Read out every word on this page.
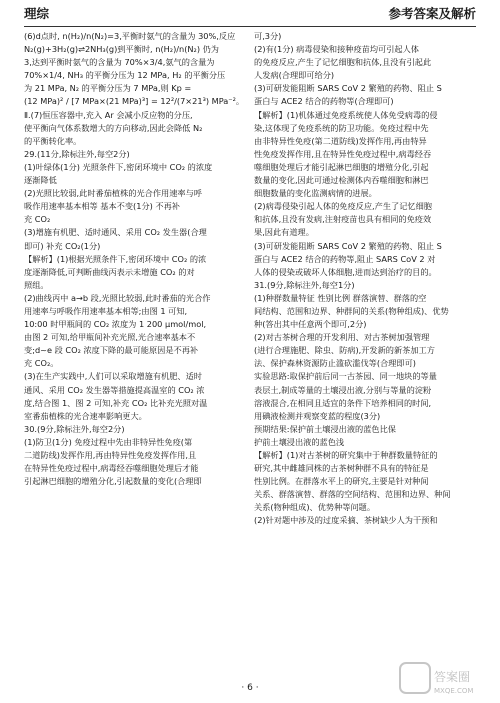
理综	参考答案及解析
(6)d点时, n(H₂)/n(N₂)=3,平衡时氨气的含量为 30%,反应
N₂(g)+3H₂(g)⇌2NH₃(g)到平衡时, n(H₂)/n(N₂) 仍为
3,达到平衡时氨气的含量为 70%×3/4,氨气的含量为
70%×1/4, NH₃ 的平衡分压为 12 MPa, H₂ 的平衡分压
为 21 MPa, N₂ 的平衡分压为 7 MPa,则 Kp =
(12 MPa)² / [7 MPa×(21 MPa)³] = 12²/(7×21³) MPa⁻²。
Ⅱ.(7)恒压容器中,充入 Ar 会减小反应物的分压,
使平衡向气体系数增大的方向移动,因此会降低 N₂
的平衡转化率。
29.(11分,除标注外,每空2分)
(1)叶绿体(1分) 光照条件下,密闭环境中 CO₂ 的浓度
逐渐降低
(2)光照比较弱,此时番茄植株的光合作用速率与呼
吸作用速率基本相等 基本不变(1分) 不再补
充 CO₂
(3)增施有机肥、适时通风、采用 CO₂ 发生器(合理
即可) 补充 CO₂(1分)
【解析】(1)根据光照条件下,密闭环境中 CO₂ 的浓
度逐渐降低,可判断曲线丙表示未增施 CO₂ 的对
照组。
(2)曲线丙中 a→b 段,光照比较弱,此时番茄的光合作
用速率与呼吸作用速率基本相等;由图 1 可知,
10:00 时甲瓶间的 CO₂ 浓度为 1 200 μmol/mol,
由图 2 可知,给甲瓶间补充光照,光合速率基本不
变;d~e 段 CO₂ 浓度下降的最可能原因是不再补
充 CO₂。
(3)在生产实践中,人们可以采取增施有机肥、适时
通风、采用 CO₂ 发生器等措施提高温室的 CO₂ 浓
度,结合图 1、图 2 可知,补充 CO₂ 比补充光照对温
室番茄植株的光合速率影响更大。
30.(9分,除标注外,每空2分)
(1)防卫(1分) 免疫过程中先由非特异性免疫(第
二道防线)发挥作用,再由特异性免疫发挥作用,且
在特异性免疫过程中,病毒经吞噬细胞处理后才能
引起淋巴细胞的增殖分化,引起数量的变化(合理即
可,3分)
(2)有(1分) 病毒侵染和接种疫苗均可引起人体
的免疫反应,产生了记忆细胞和抗体,且没有引起此
人发病(合理即可给分)
(3)可研发能阻断 SARS CoV 2 繁殖的药物、阻止 S
蛋白与 ACE2 结合的药物等(合理即可)
【解析】(1)机体通过免疫系统使人体免受病毒的侵
染,这体现了免疫系统的防卫功能。免疫过程中先
由非特异性免疫(第二道防线)发挥作用,再由特异
性免疫发挥作用,且在特异性免疫过程中,病毒经吞
噬细胞处理后才能引起淋巴细胞的增殖分化,引起
数量的变化,因此可通过检测体内吞噬细胞和淋巴
细胞数量的变化监测病情的进展。
(2)病毒侵染引起人体的免疫反应,产生了记忆细胞
和抗体,且没有发病,注射疫苗也具有相同的免疫效
果,因此有道理。
(3)可研发能阻断 SARS CoV 2 繁殖的药物、阻止 S
蛋白与 ACE2 结合的药物等,阻止 SARS CoV 2 对
人体的侵染或破坏人体细胞,进而达到治疗的目的。
31.(9分,除标注外,每空1分)
(1)种群数量特征 性别比例 群落演替、群落的空
间结构、范围和边界、种群间的关系(物种组成)、优势
种(答出其中任意两个即可,2分)
(2)对古茶树合理的开发利用、对古茶树加强管理
(进行合理施肥、除虫、防病),开发新的新茶加工方
法、保护森林资源防止滥砍滥伐等(合理即可)
实验思路:取保护前后同一古茶园、同一地块的等量
表层土,制成等量的土壤浸出液,分别与等量的淀粉
溶液混合,在相同且适宜的条件下培养相同的时间,
用碘液检测并观察变蓝的程度(3分)
预期结果:保护前土壤浸出液的蓝色比保
护前土壤浸出液的蓝色浅
【解析】(1)对古茶树的研究集中于种群数量特征的
研究,其中雌雄同株的古茶树种群不具有的特征是
性别比例。在群落水平上的研究,主要是针对种间
关系、群落演替、群落的空间结构、范围和边界、种间
关系(物种组成)、优势种等问题。
(2)针对题中涉及的过度采摘、茶树缺少人为干预和
· 6 ·
答案圈
MXQE.COM
